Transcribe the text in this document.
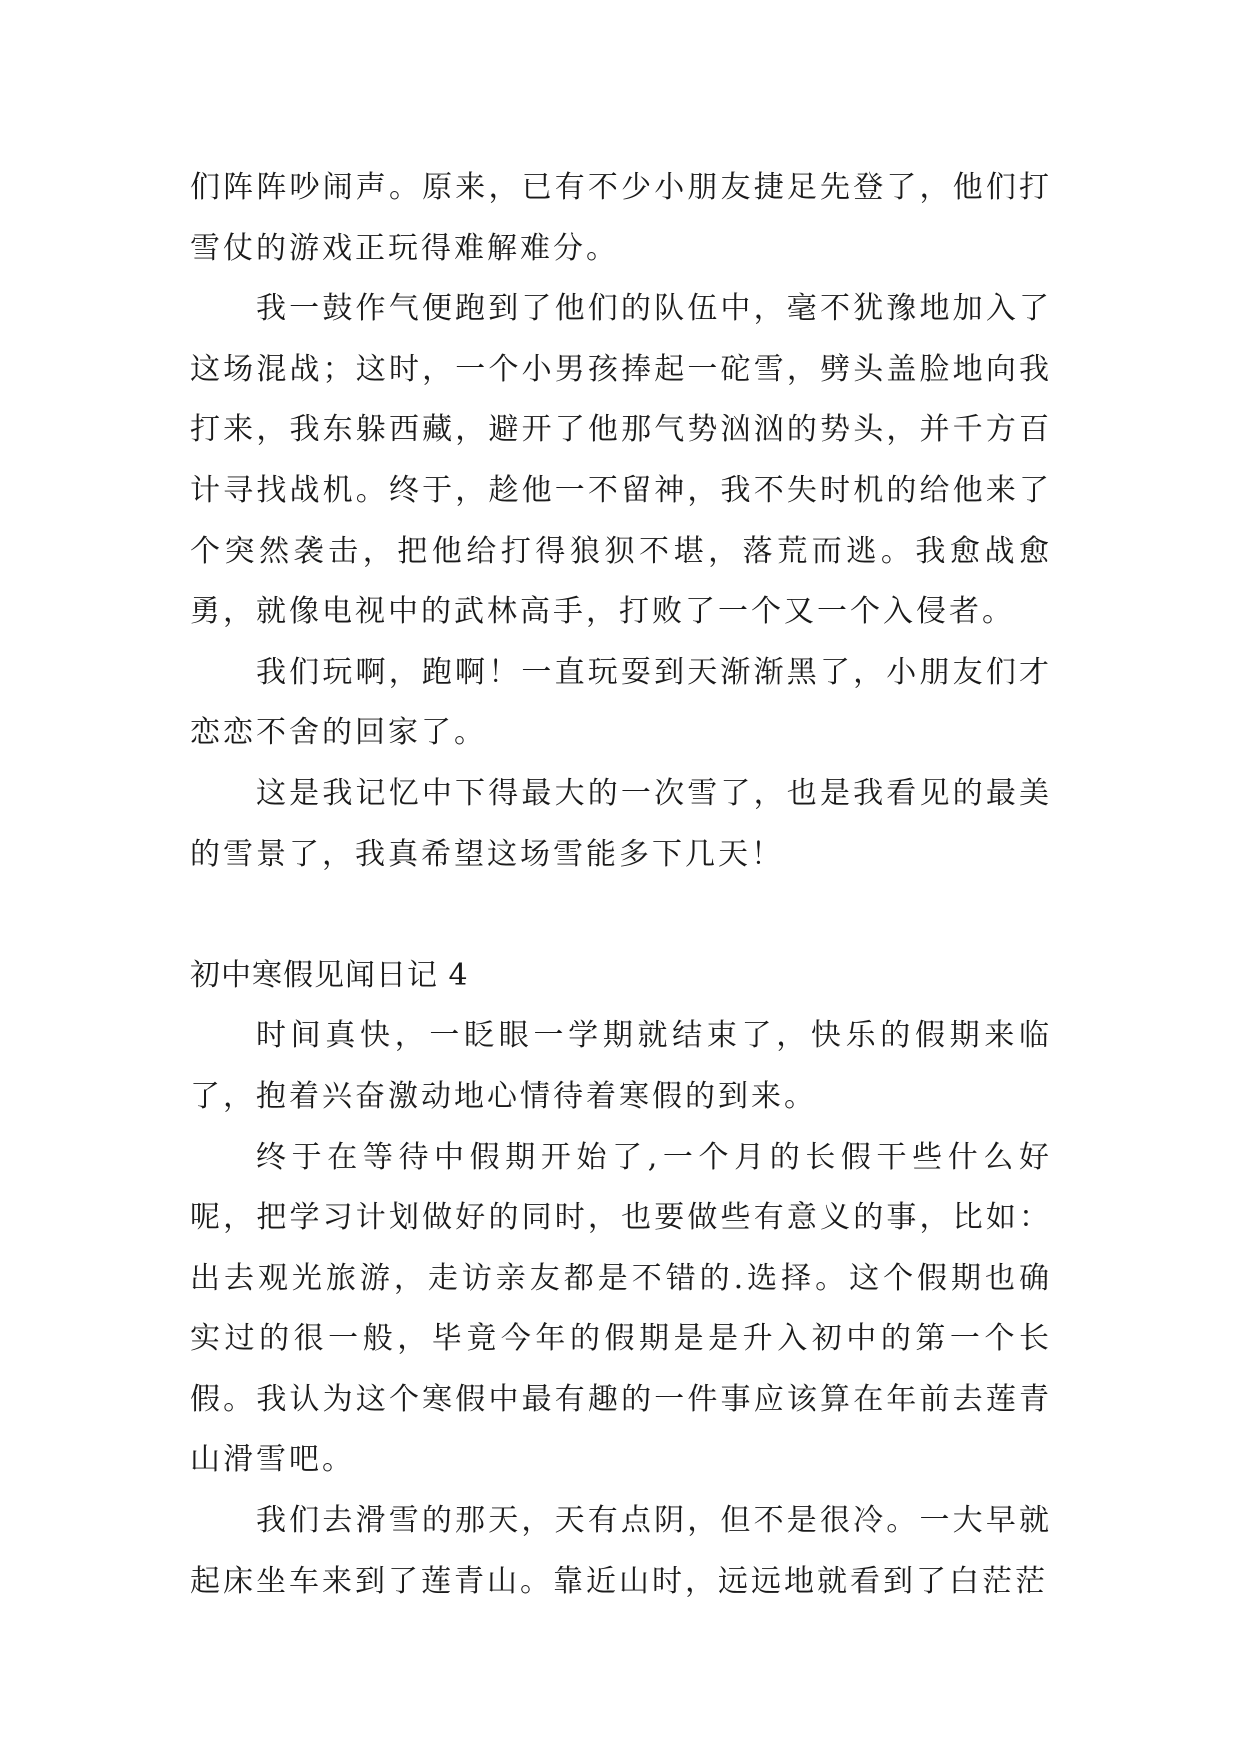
们阵阵吵闹声。原来，已有不少小朋友捷足先登了，他们打雪仗的游戏正玩得难解难分。

我一鼓作气便跑到了他们的队伍中，毫不犹豫地加入了这场混战；这时，一个小男孩捧起一砣雪，劈头盖脸地向我打来，我东躲西藏，避开了他那气势汹汹的势头，并千方百计寻找战机。终于，趁他一不留神，我不失时机的给他来了个突然袭击，把他给打得狼狈不堪，落荒而逃。我愈战愈勇，就像电视中的武林高手，打败了一个又一个入侵者。

我们玩啊，跑啊！一直玩耍到天渐渐黑了，小朋友们才恋恋不舍的回家了。

这是我记忆中下得最大的一次雪了，也是我看见的最美的雪景了，我真希望这场雪能多下几天！

初中寒假见闻日记 4

时间真快，一眨眼一学期就结束了，快乐的假期来临了，抱着兴奋激动地心情待着寒假的到来。

终于在等待中假期开始了,一个月的长假干些什么好呢，把学习计划做好的同时，也要做些有意义的事，比如：出去观光旅游，走访亲友都是不错的.选择。这个假期也确实过的很一般，毕竟今年的假期是是升入初中的第一个长假。我认为这个寒假中最有趣的一件事应该算在年前去莲青山滑雪吧。

我们去滑雪的那天，天有点阴，但不是很冷。一大早就起床坐车来到了莲青山。靠近山时，远远地就看到了白茫茫
